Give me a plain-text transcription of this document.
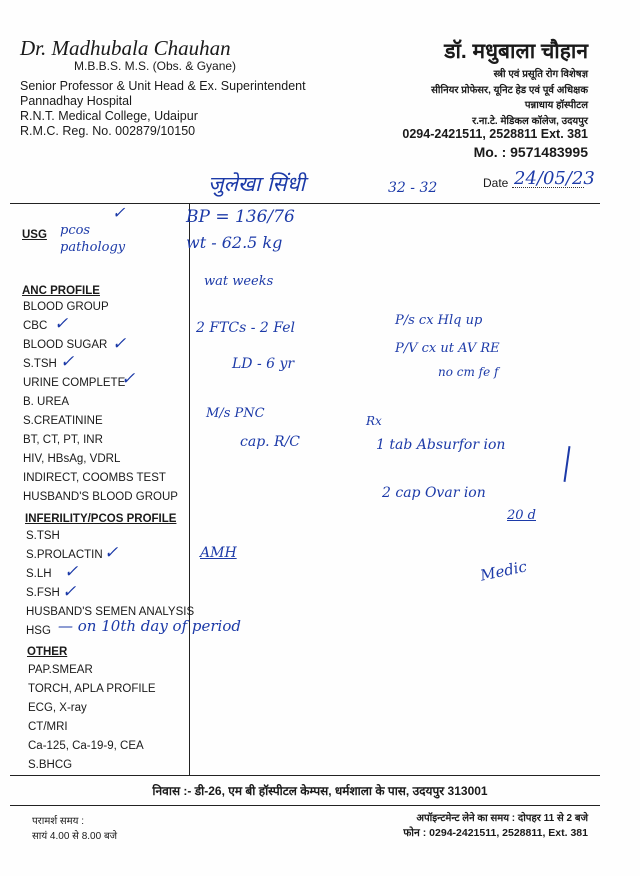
Dr. Madhubala Chauhan
M.B.B.S. M.S. (Obs. & Gyane)
Senior Professor & Unit Head & Ex. Superintendent
Pannadhay Hospital
R.N.T. Medical College, Udaipur
R.M.C. Reg. No. 002879/10150
डॉ. मधुबाला चौहान
स्त्री एवं प्रसूति रोग विशेषज्ञ
सीनियर प्रोफेसर, यूनिट हेड एवं पूर्व अधिक्षक
पन्नाधाय हॉस्पीटल
र.ना.टे. मेडिकल कॉलेज, उदयपुर
0294-2421511, 2528811 Ext. 381
Mo. : 9571483995
जुलेखा सिंधी	32 - 32	Date 24/05/23
USG pcos
pathology
✓
ANC PROFILE
BLOOD GROUP
CBC
BLOOD SUGAR
S.TSH
URINE COMPLETE
B. UREA
S.CREATININE
BT, CT, PT, INR
HIV, HBsAg, VDRL
INDIRECT, COOMBS TEST
HUSBAND'S BLOOD GROUP
✓
✓
✓
✓
INFERILITY/PCOS PROFILE
S.TSH
S.PROLACTIN
S.LH
S.FSH
HUSBAND'S SEMEN ANALYSIS
HSG
✓
✓
✓
— on 10th day of period
OTHER
PAP.SMEAR
TORCH, APLA PROFILE
ECG, X-ray
CT/MRI
Ca-125, Ca-19-9, CEA
S.BHCG
BP = 136/76
wt - 62.5 kg
wat weeks
2 FTCs - 2 Fel
LD - 6 yr
M/s PNC
cap. R/C
P/s cx Hlq up
P/V cx ut AV RE
no cm fe f
Rx
1 tab Absurfor ion
2 cap Ovar ion
20 d
AMH
Medic
निवास :- डी-26, एम बी हॉस्पीटल केम्पस, धर्मशाला के पास, उदयपुर 313001
परामर्श समय :
सायं 4.00 से 8.00 बजे
अपॉइन्टमेन्ट लेने का समय : दोपहर 11 से 2 बजे
फोन : 0294-2421511, 2528811, Ext. 381
